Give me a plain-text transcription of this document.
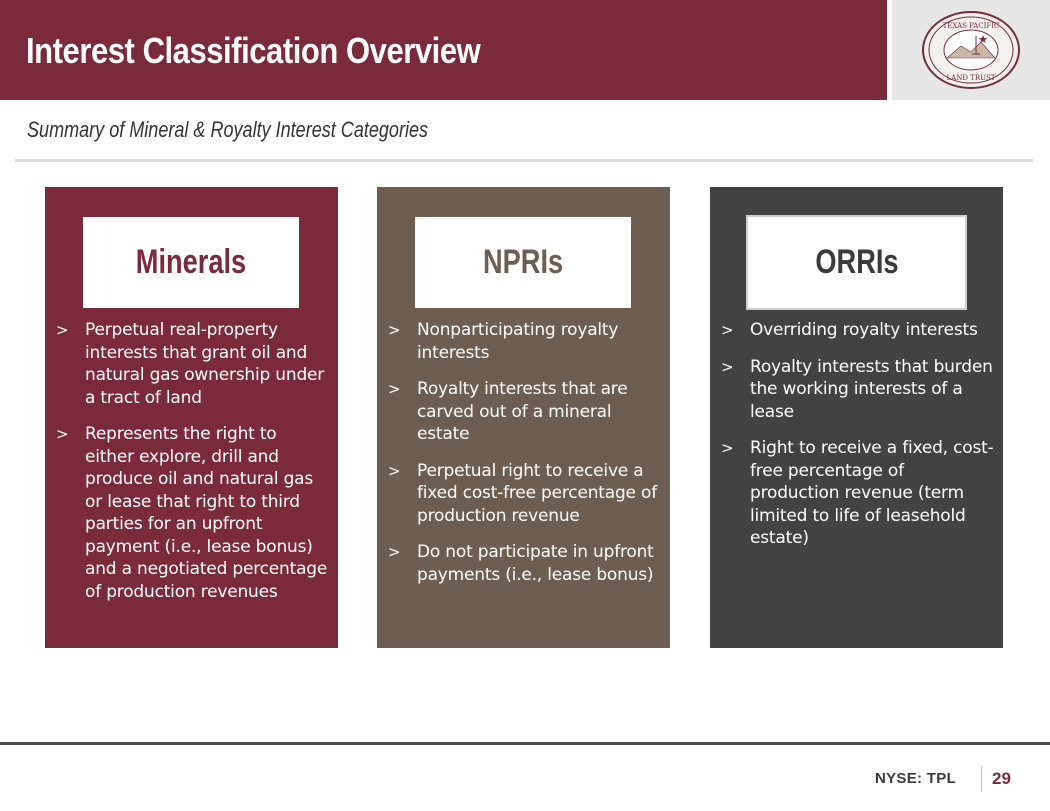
Interest Classification Overview
TEXAS PACIFIC
LAND TRUST
Summary of Mineral & Royalty Interest Categories
Minerals
> Perpetual real-property interests that grant oil and natural gas ownership under a tract of land
> Represents the right to either explore, drill and produce oil and natural gas or lease that right to third parties for an upfront payment (i.e., lease bonus) and a negotiated percentage of production revenues
NPRIs
> Nonparticipating royalty interests
> Royalty interests that are carved out of a mineral estate
> Perpetual right to receive a fixed cost-free percentage of production revenue
> Do not participate in upfront payments (i.e., lease bonus)
ORRIs
> Overriding royalty interests
> Royalty interests that burden the working interests of a lease
> Right to receive a fixed, cost-free percentage of production revenue (term limited to life of leasehold estate)
NYSE: TPL 29
